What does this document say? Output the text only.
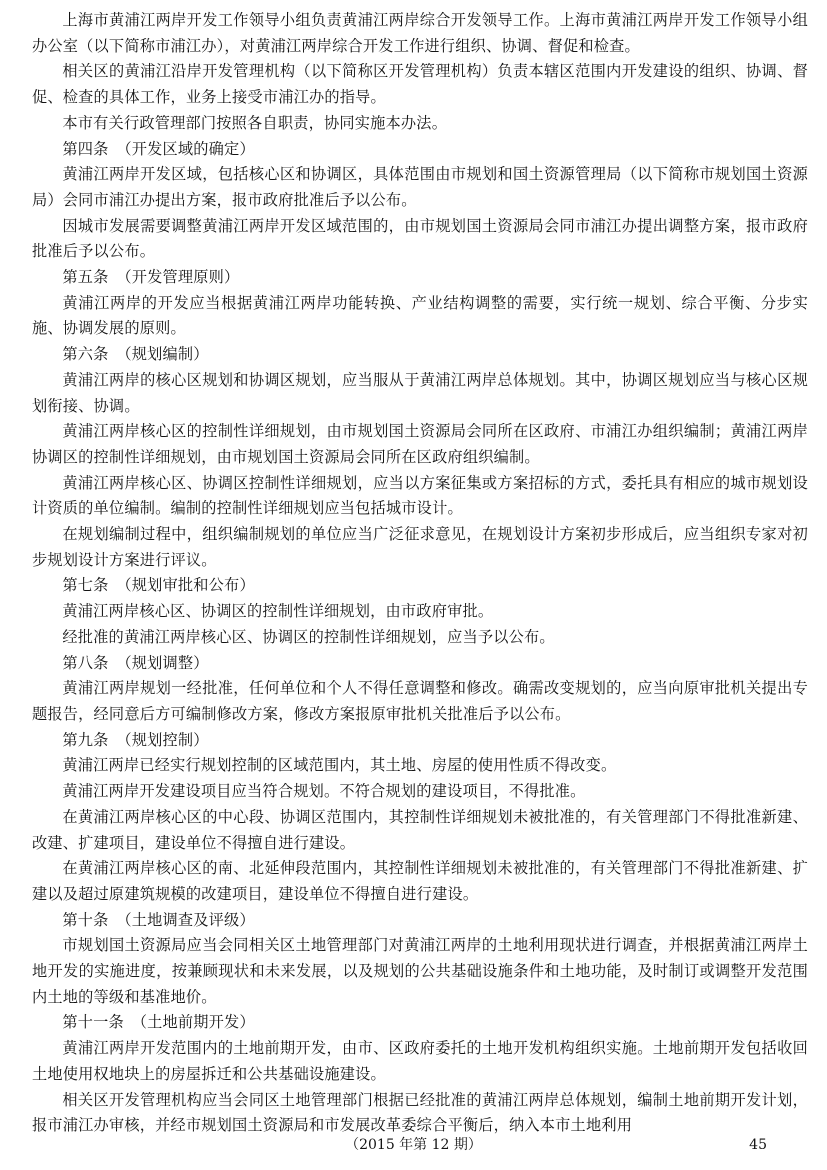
上海市黄浦江两岸开发工作领导小组负责黄浦江两岸综合开发领导工作。上海市黄浦江两岸开发工作领导小组办公室（以下简称市浦江办），对黄浦江两岸综合开发工作进行组织、协调、督促和检查。

相关区的黄浦江沿岸开发管理机构（以下简称区开发管理机构）负责本辖区范围内开发建设的组织、协调、督促、检查的具体工作，业务上接受市浦江办的指导。

本市有关行政管理部门按照各自职责，协同实施本办法。

第四条　（开发区域的确定）

黄浦江两岸开发区域，包括核心区和协调区，具体范围由市规划和国土资源管理局（以下简称市规划国土资源局）会同市浦江办提出方案，报市政府批准后予以公布。

因城市发展需要调整黄浦江两岸开发区域范围的，由市规划国土资源局会同市浦江办提出调整方案，报市政府批准后予以公布。

第五条　（开发管理原则）

黄浦江两岸的开发应当根据黄浦江两岸功能转换、产业结构调整的需要，实行统一规划、综合平衡、分步实施、协调发展的原则。

第六条　（规划编制）

黄浦江两岸的核心区规划和协调区规划，应当服从于黄浦江两岸总体规划。其中，协调区规划应当与核心区规划衔接、协调。

黄浦江两岸核心区的控制性详细规划，由市规划国土资源局会同所在区政府、市浦江办组织编制；黄浦江两岸协调区的控制性详细规划，由市规划国土资源局会同所在区政府组织编制。

黄浦江两岸核心区、协调区控制性详细规划，应当以方案征集或方案招标的方式，委托具有相应的城市规划设计资质的单位编制。编制的控制性详细规划应当包括城市设计。

在规划编制过程中，组织编制规划的单位应当广泛征求意见，在规划设计方案初步形成后，应当组织专家对初步规划设计方案进行评议。

第七条　（规划审批和公布）

黄浦江两岸核心区、协调区的控制性详细规划，由市政府审批。

经批准的黄浦江两岸核心区、协调区的控制性详细规划，应当予以公布。

第八条　（规划调整）

黄浦江两岸规划一经批准，任何单位和个人不得任意调整和修改。确需改变规划的，应当向原审批机关提出专题报告，经同意后方可编制修改方案，修改方案报原审批机关批准后予以公布。

第九条　（规划控制）

黄浦江两岸已经实行规划控制的区域范围内，其土地、房屋的使用性质不得改变。

黄浦江两岸开发建设项目应当符合规划。不符合规划的建设项目，不得批准。

在黄浦江两岸核心区的中心段、协调区范围内，其控制性详细规划未被批准的，有关管理部门不得批准新建、改建、扩建项目，建设单位不得擅自进行建设。

在黄浦江两岸核心区的南、北延伸段范围内，其控制性详细规划未被批准的，有关管理部门不得批准新建、扩建以及超过原建筑规模的改建项目，建设单位不得擅自进行建设。

第十条　（土地调查及评级）

市规划国土资源局应当会同相关区土地管理部门对黄浦江两岸的土地利用现状进行调查，并根据黄浦江两岸土地开发的实施进度，按兼顾现状和未来发展，以及规划的公共基础设施条件和土地功能，及时制订或调整开发范围内土地的等级和基准地价。

第十一条　（土地前期开发）

黄浦江两岸开发范围内的土地前期开发，由市、区政府委托的土地开发机构组织实施。土地前期开发包括收回土地使用权地块上的房屋拆迁和公共基础设施建设。

相关区开发管理机构应当会同区土地管理部门根据已经批准的黄浦江两岸总体规划，编制土地前期开发计划，报市浦江办审核，并经市规划国土资源局和市发展改革委综合平衡后，纳入本市土地利用

（2015 年第 12 期）	45
